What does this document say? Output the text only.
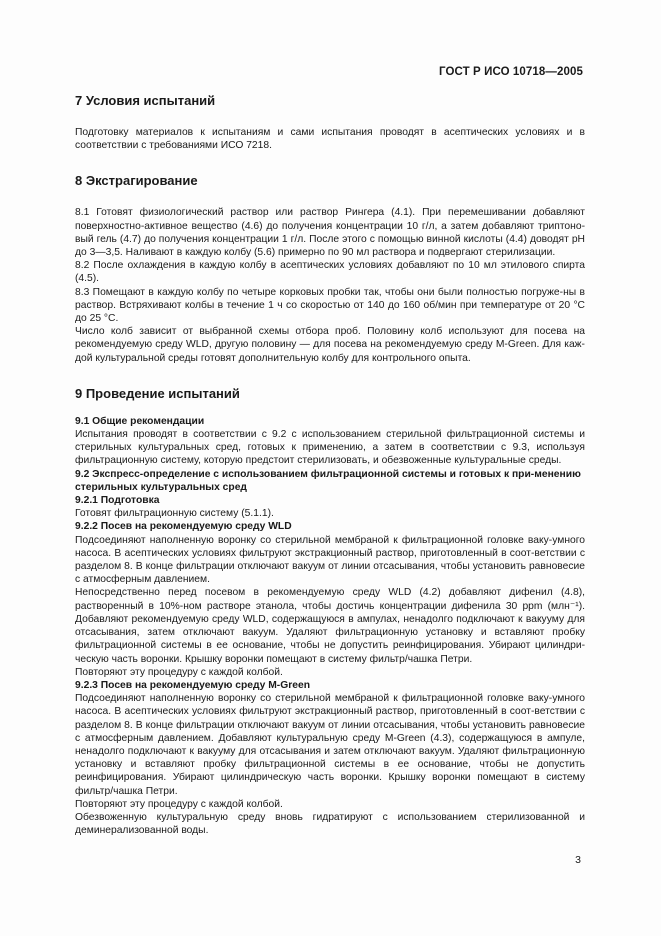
ГОСТ Р ИСО 10718—2005
7 Условия испытаний

Подготовку материалов к испытаниям и сами испытания проводят в асептических условиях и в соответствии с требованиями ИСО 7218.

8 Экстрагирование

8.1 Готовят физиологический раствор или раствор Рингера (4.1). При перемешивании добавляют поверхностно-активное вещество (4.6) до получения концентрации 10 г/л, а затем добавляют триптоно-вый гель (4.7) до получения концентрации 1 г/л. После этого с помощью винной кислоты (4.4) доводят pH до 3—3,5. Наливают в каждую колбу (5.6) примерно по 90 мл раствора и подвергают стерилизации.

8.2 После охлаждения в каждую колбу в асептических условиях добавляют по 10 мл этилового спирта (4.5).

8.3 Помещают в каждую колбу по четыре корковых пробки так, чтобы они были полностью погруже-ны в раствор. Встряхивают колбы в течение 1 ч со скоростью от 140 до 160 об/мин при температуре от 20 °C до 25 °C.

Число колб зависит от выбранной схемы отбора проб. Половину колб используют для посева на рекомендуемую среду WLD, другую половину — для посева на рекомендуемую среду M-Green. Для каж-дой культуральной среды готовят дополнительную колбу для контрольного опыта.

9 Проведение испытаний

9.1 Общие рекомендации

Испытания проводят в соответствии с 9.2 с использованием стерильной фильтрационной системы и стерильных культуральных сред, готовых к применению, а затем в соответствии с 9.3, используя фильтрационную систему, которую предстоит стерилизовать, и обезвоженные культуральные среды.

9.2 Экспресс-определение с использованием фильтрационной системы и готовых к при-менению стерильных культуральных сред

9.2.1 Подготовка

Готовят фильтрационную систему (5.1.1).

9.2.2 Посев на рекомендуемую среду WLD

Подсоединяют наполненную воронку со стерильной мембраной к фильтрационной головке ваку-умного насоса. В асептических условиях фильтруют экстракционный раствор, приготовленный в соот-ветствии с разделом 8. В конце фильтрации отключают вакуум от линии отсасывания, чтобы установить равновесие с атмосферным давлением.

Непосредственно перед посевом в рекомендуемую среду WLD (4.2) добавляют дифенил (4.8), растворенный в 10%-ном растворе этанола, чтобы достичь концентрации дифенила 30 ppm (млн⁻¹). Добавляют рекомендуемую среду WLD, содержащуюся в ампулах, ненадолго подключают к вакууму для отсасывания, затем отключают вакуум. Удаляют фильтрационную установку и вставляют пробку фильтрационной системы в ее основание, чтобы не допустить реинфицирования. Убирают цилиндри-ческую часть воронки. Крышку воронки помещают в систему фильтр/чашка Петри.

Повторяют эту процедуру с каждой колбой.

9.2.3 Посев на рекомендуемую среду M-Green

Подсоединяют наполненную воронку со стерильной мембраной к фильтрационной головке ваку-умного насоса. В асептических условиях фильтруют экстракционный раствор, приготовленный в соот-ветствии с разделом 8. В конце фильтрации отключают вакуум от линии отсасывания, чтобы установить равновесие с атмосферным давлением. Добавляют культуральную среду M-Green (4.3), содержащуюся в ампуле, ненадолго подключают к вакууму для отсасывания и затем отключают вакуум. Удаляют фильтрационную установку и вставляют пробку фильтрационной системы в ее основание, чтобы не допустить реинфицирования. Убирают цилиндрическую часть воронки. Крышку воронки помещают в систему фильтр/чашка Петри.

Повторяют эту процедуру с каждой колбой.

Обезвоженную культуральную среду вновь гидратируют с использованием стерилизованной и деминерализованной воды.

3
